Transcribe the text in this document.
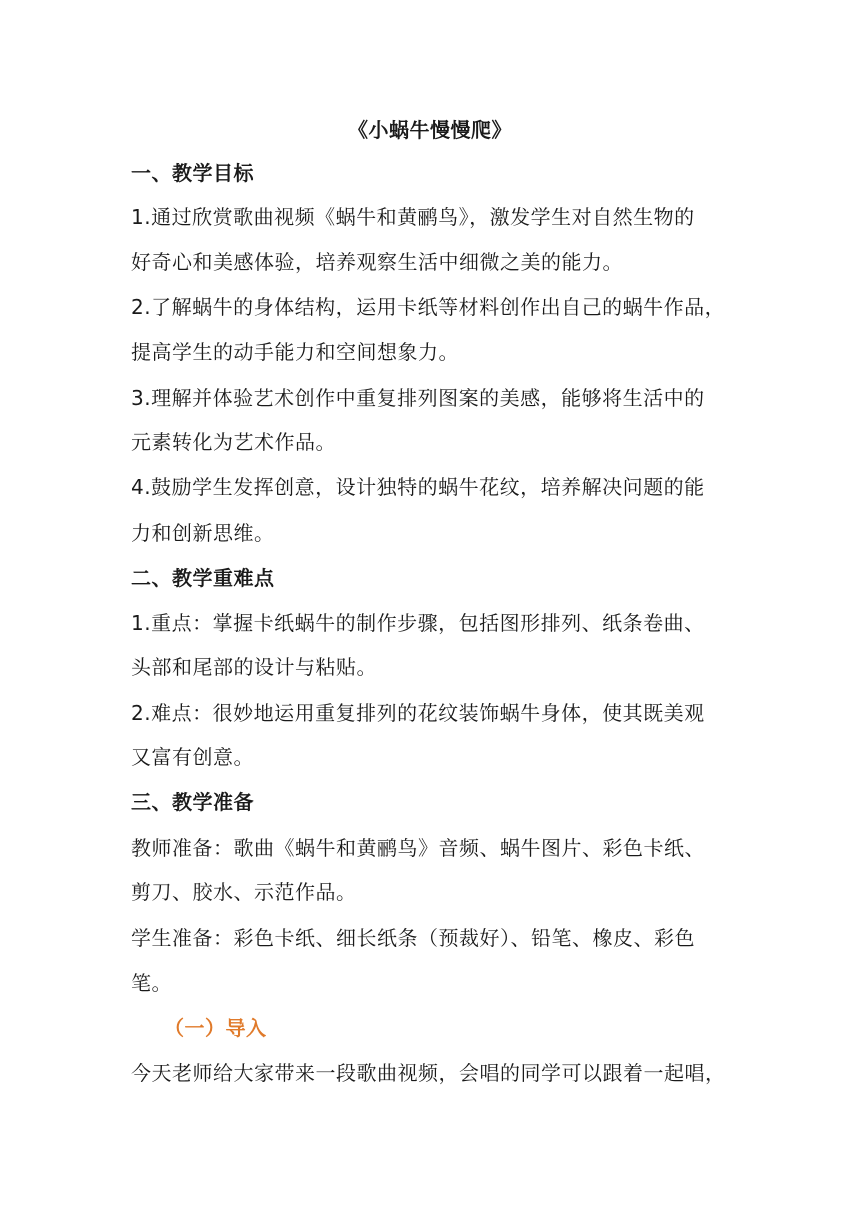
《小蜗牛慢慢爬》
一、教学目标
1.通过欣赏歌曲视频《蜗牛和黄鹂鸟》，激发学生对自然生物的
好奇心和美感体验，培养观察生活中细微之美的能力。
2.了解蜗牛的身体结构，运用卡纸等材料创作出自己的蜗牛作品，
提高学生的动手能力和空间想象力。
3.理解并体验艺术创作中重复排列图案的美感，能够将生活中的
元素转化为艺术作品。
4.鼓励学生发挥创意，设计独特的蜗牛花纹，培养解决问题的能
力和创新思维。
二、教学重难点
1.重点：掌握卡纸蜗牛的制作步骤，包括图形排列、纸条卷曲、
头部和尾部的设计与粘贴。
2.难点：很妙地运用重复排列的花纹装饰蜗牛身体，使其既美观
又富有创意。
三、教学准备
教师准备：歌曲《蜗牛和黄鹂鸟》音频、蜗牛图片、彩色卡纸、
剪刀、胶水、示范作品。
学生准备：彩色卡纸、细长纸条（预裁好）、铅笔、橡皮、彩色
笔。
（一）导入
今天老师给大家带来一段歌曲视频，会唱的同学可以跟着一起唱，
